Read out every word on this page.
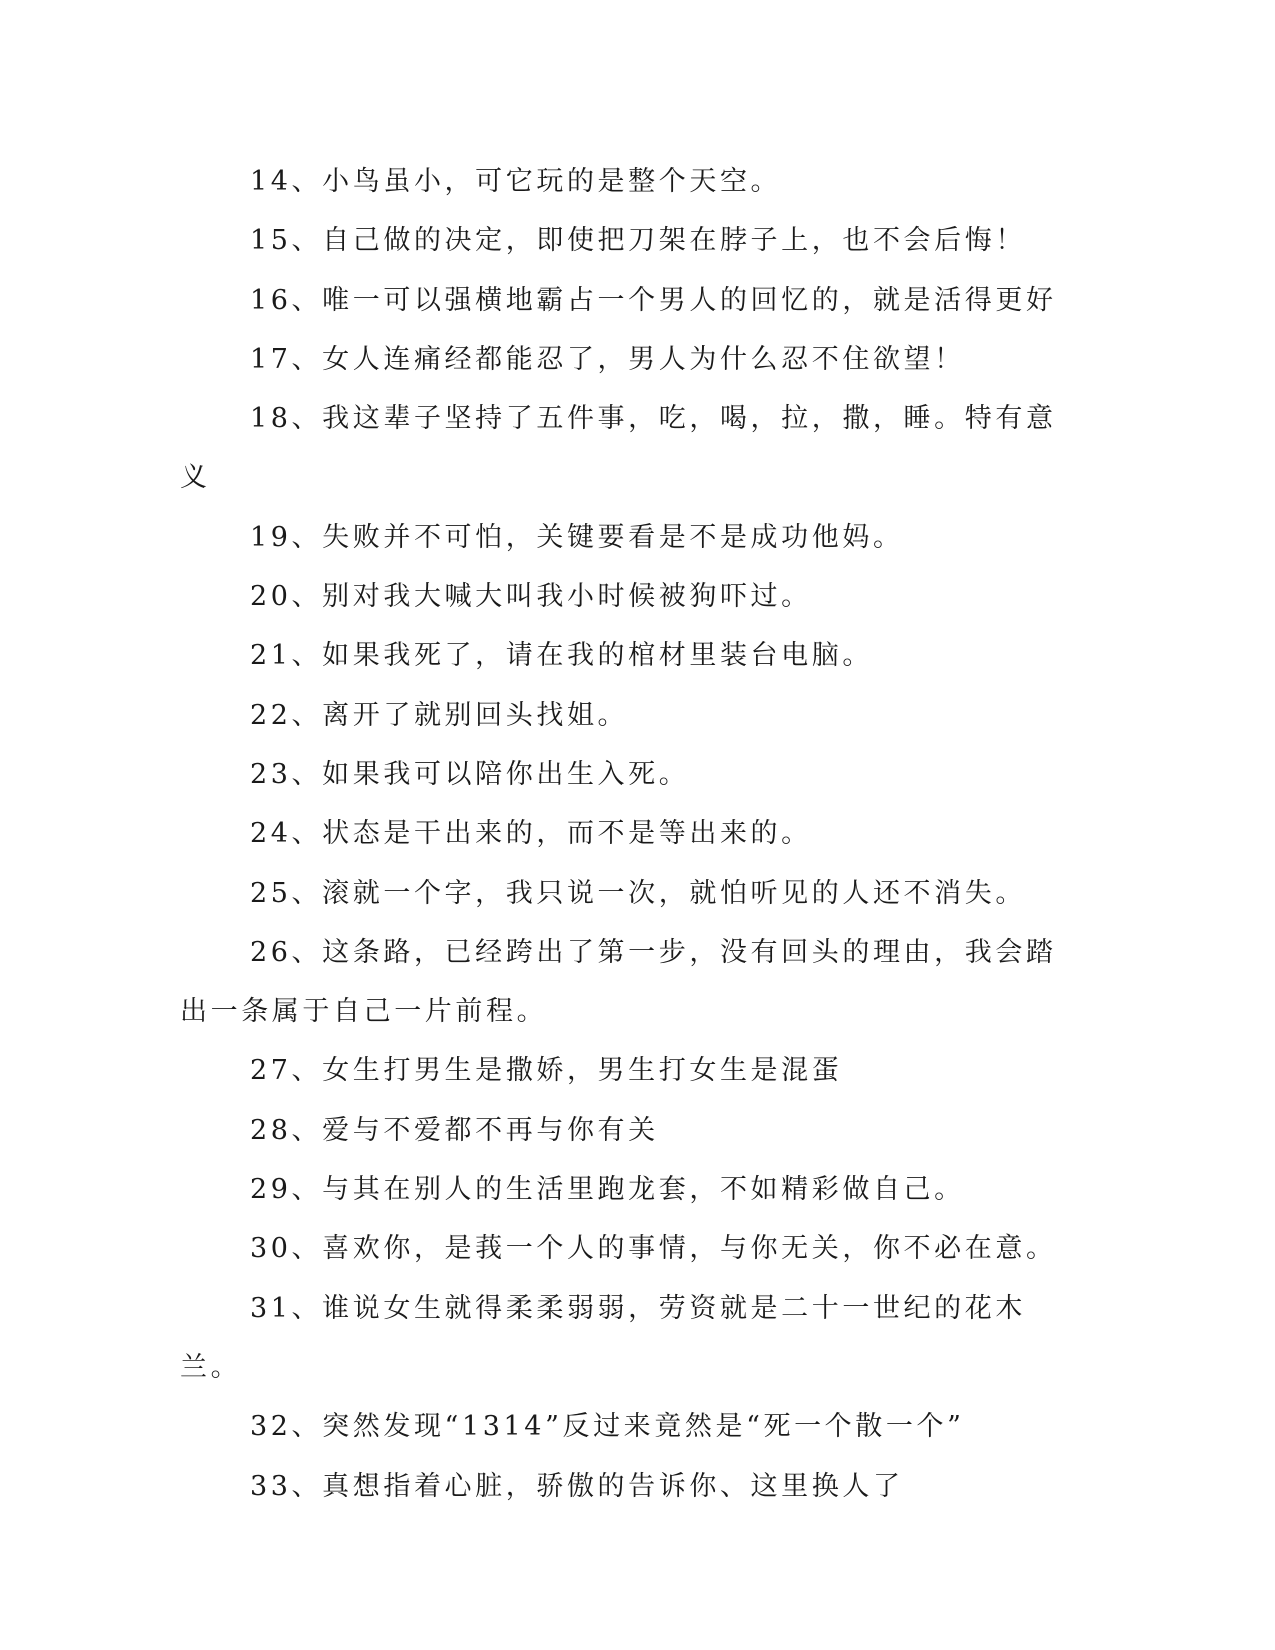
14、小鸟虽小，可它玩的是整个天空。

15、自己做的决定，即使把刀架在脖子上，也不会后悔！

16、唯一可以强横地霸占一个男人的回忆的，就是活得更好

17、女人连痛经都能忍了，男人为什么忍不住欲望！

18、我这辈子坚持了五件事，吃，喝，拉，撒，睡。特有意义

19、失败并不可怕，关键要看是不是成功他妈。

20、别对我大喊大叫我小时候被狗吓过。

21、如果我死了，请在我的棺材里装台电脑。

22、离开了就别回头找姐。

23、如果我可以陪你出生入死。

24、状态是干出来的，而不是等出来的。

25、滚就一个字，我只说一次，就怕听见的人还不消失。

26、这条路，已经跨出了第一步，没有回头的理由，我会踏出一条属于自己一片前程。

27、女生打男生是撒娇，男生打女生是混蛋

28、爱与不爱都不再与你有关

29、与其在别人的生活里跑龙套，不如精彩做自己。

30、喜欢你，是莪一个人的事情，与你无关，你不必在意。

31、谁说女生就得柔柔弱弱，劳资就是二十一世纪的花木兰。

32、突然发现“1314”反过来竟然是“死一个散一个”

33、真想指着心脏，骄傲的告诉你、这里换人了
